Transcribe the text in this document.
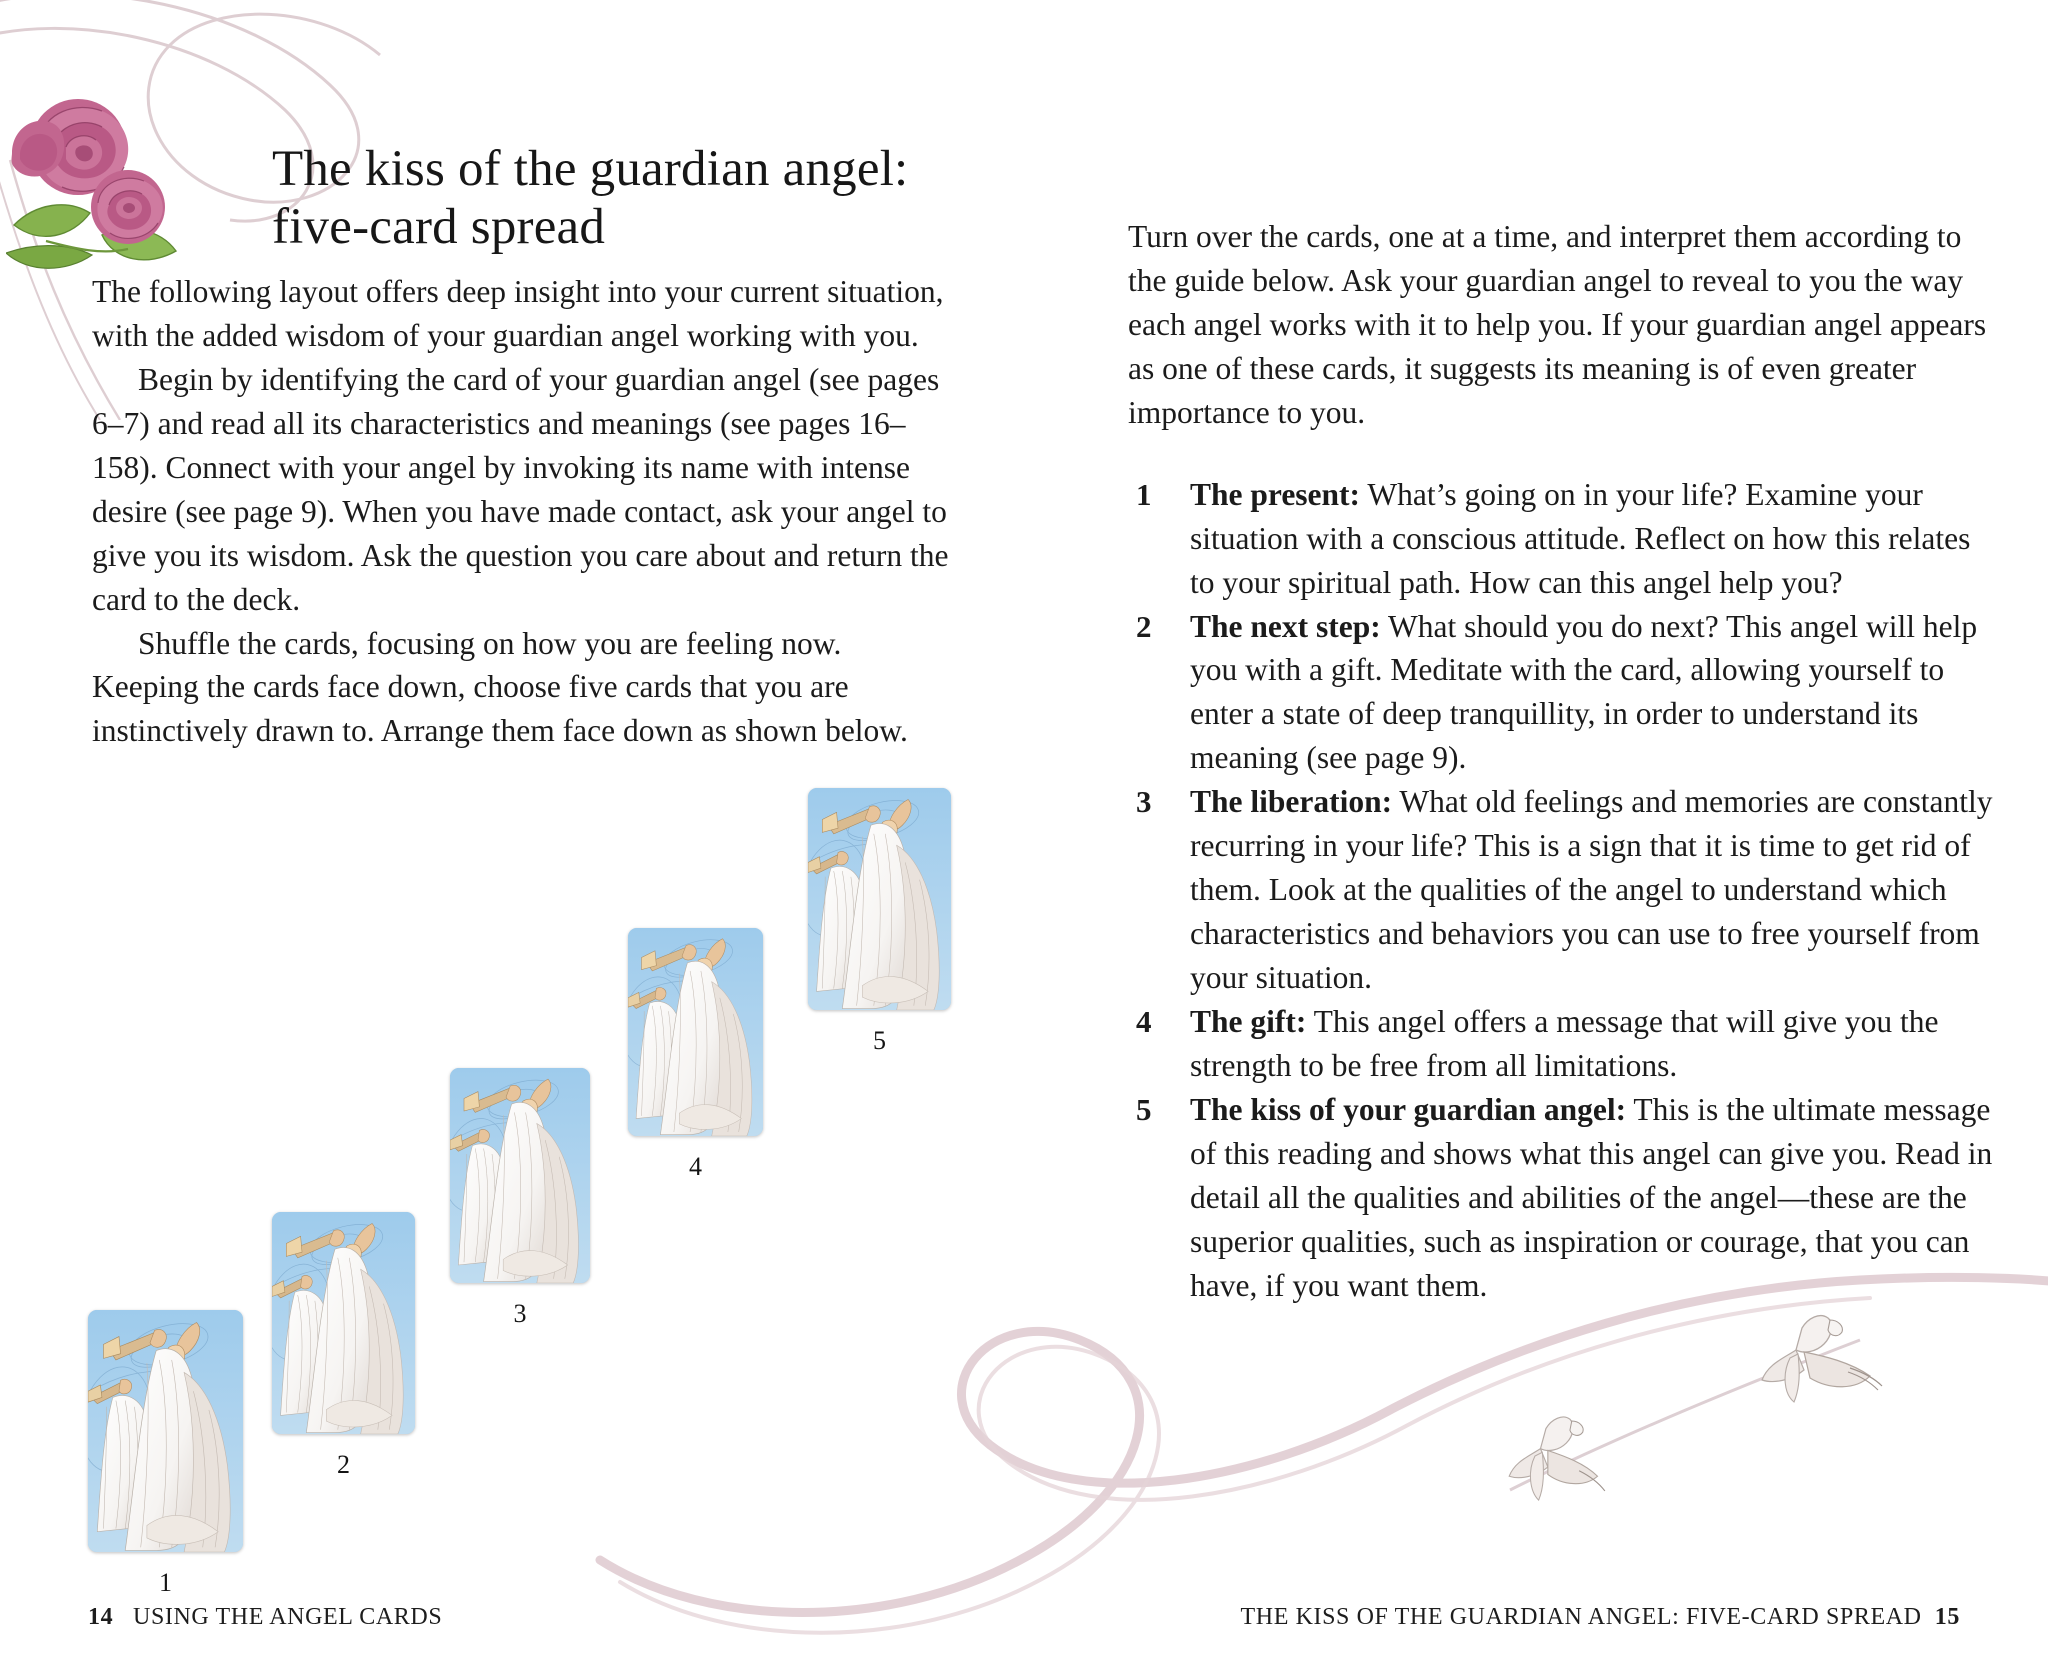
The kiss of the guardian angel:
five-card spread

The following layout offers deep insight into your current situation, with the added wisdom of your guardian angel working with you.

Begin by identifying the card of your guardian angel (see pages 6–7) and read all its characteristics and meanings (see pages 16–158). Connect with your angel by invoking its name with intense desire (see page 9). When you have made contact, ask your angel to give you its wisdom. Ask the question you care about and return the card to the deck.

Shuffle the cards, focusing on how you are feeling now. Keeping the cards face down, choose five cards that you are instinctively drawn to. Arrange them face down as shown below.

Turn over the cards, one at a time, and interpret them according to the guide below. Ask your guardian angel to reveal to you the way each angel works with it to help you. If your guardian angel appears as one of these cards, it suggests its meaning is of even greater importance to you.

1 The present: What’s going on in your life? Examine your situation with a conscious attitude. Reflect on how this relates to your spiritual path. How can this angel help you?
2 The next step: What should you do next? This angel will help you with a gift. Meditate with the card, allowing yourself to enter a state of deep tranquillity, in order to understand its meaning (see page 9).
3 The liberation: What old feelings and memories are constantly recurring in your life? This is a sign that it is time to get rid of them. Look at the qualities of the angel to understand which characteristics and behaviors you can use to free yourself from your situation.
4 The gift: This angel offers a message that will give you the strength to be free from all limitations.
5 The kiss of your guardian angel: This is the ultimate message of this reading and shows what this angel can give you. Read in detail all the qualities and abilities of the angel—these are the superior qualities, such as inspiration or courage, that you can have, if you want them.
1
2
3
4
5
14 USING THE ANGEL CARDS	THE KISS OF THE GUARDIAN ANGEL: FIVE-CARD SPREAD 15
